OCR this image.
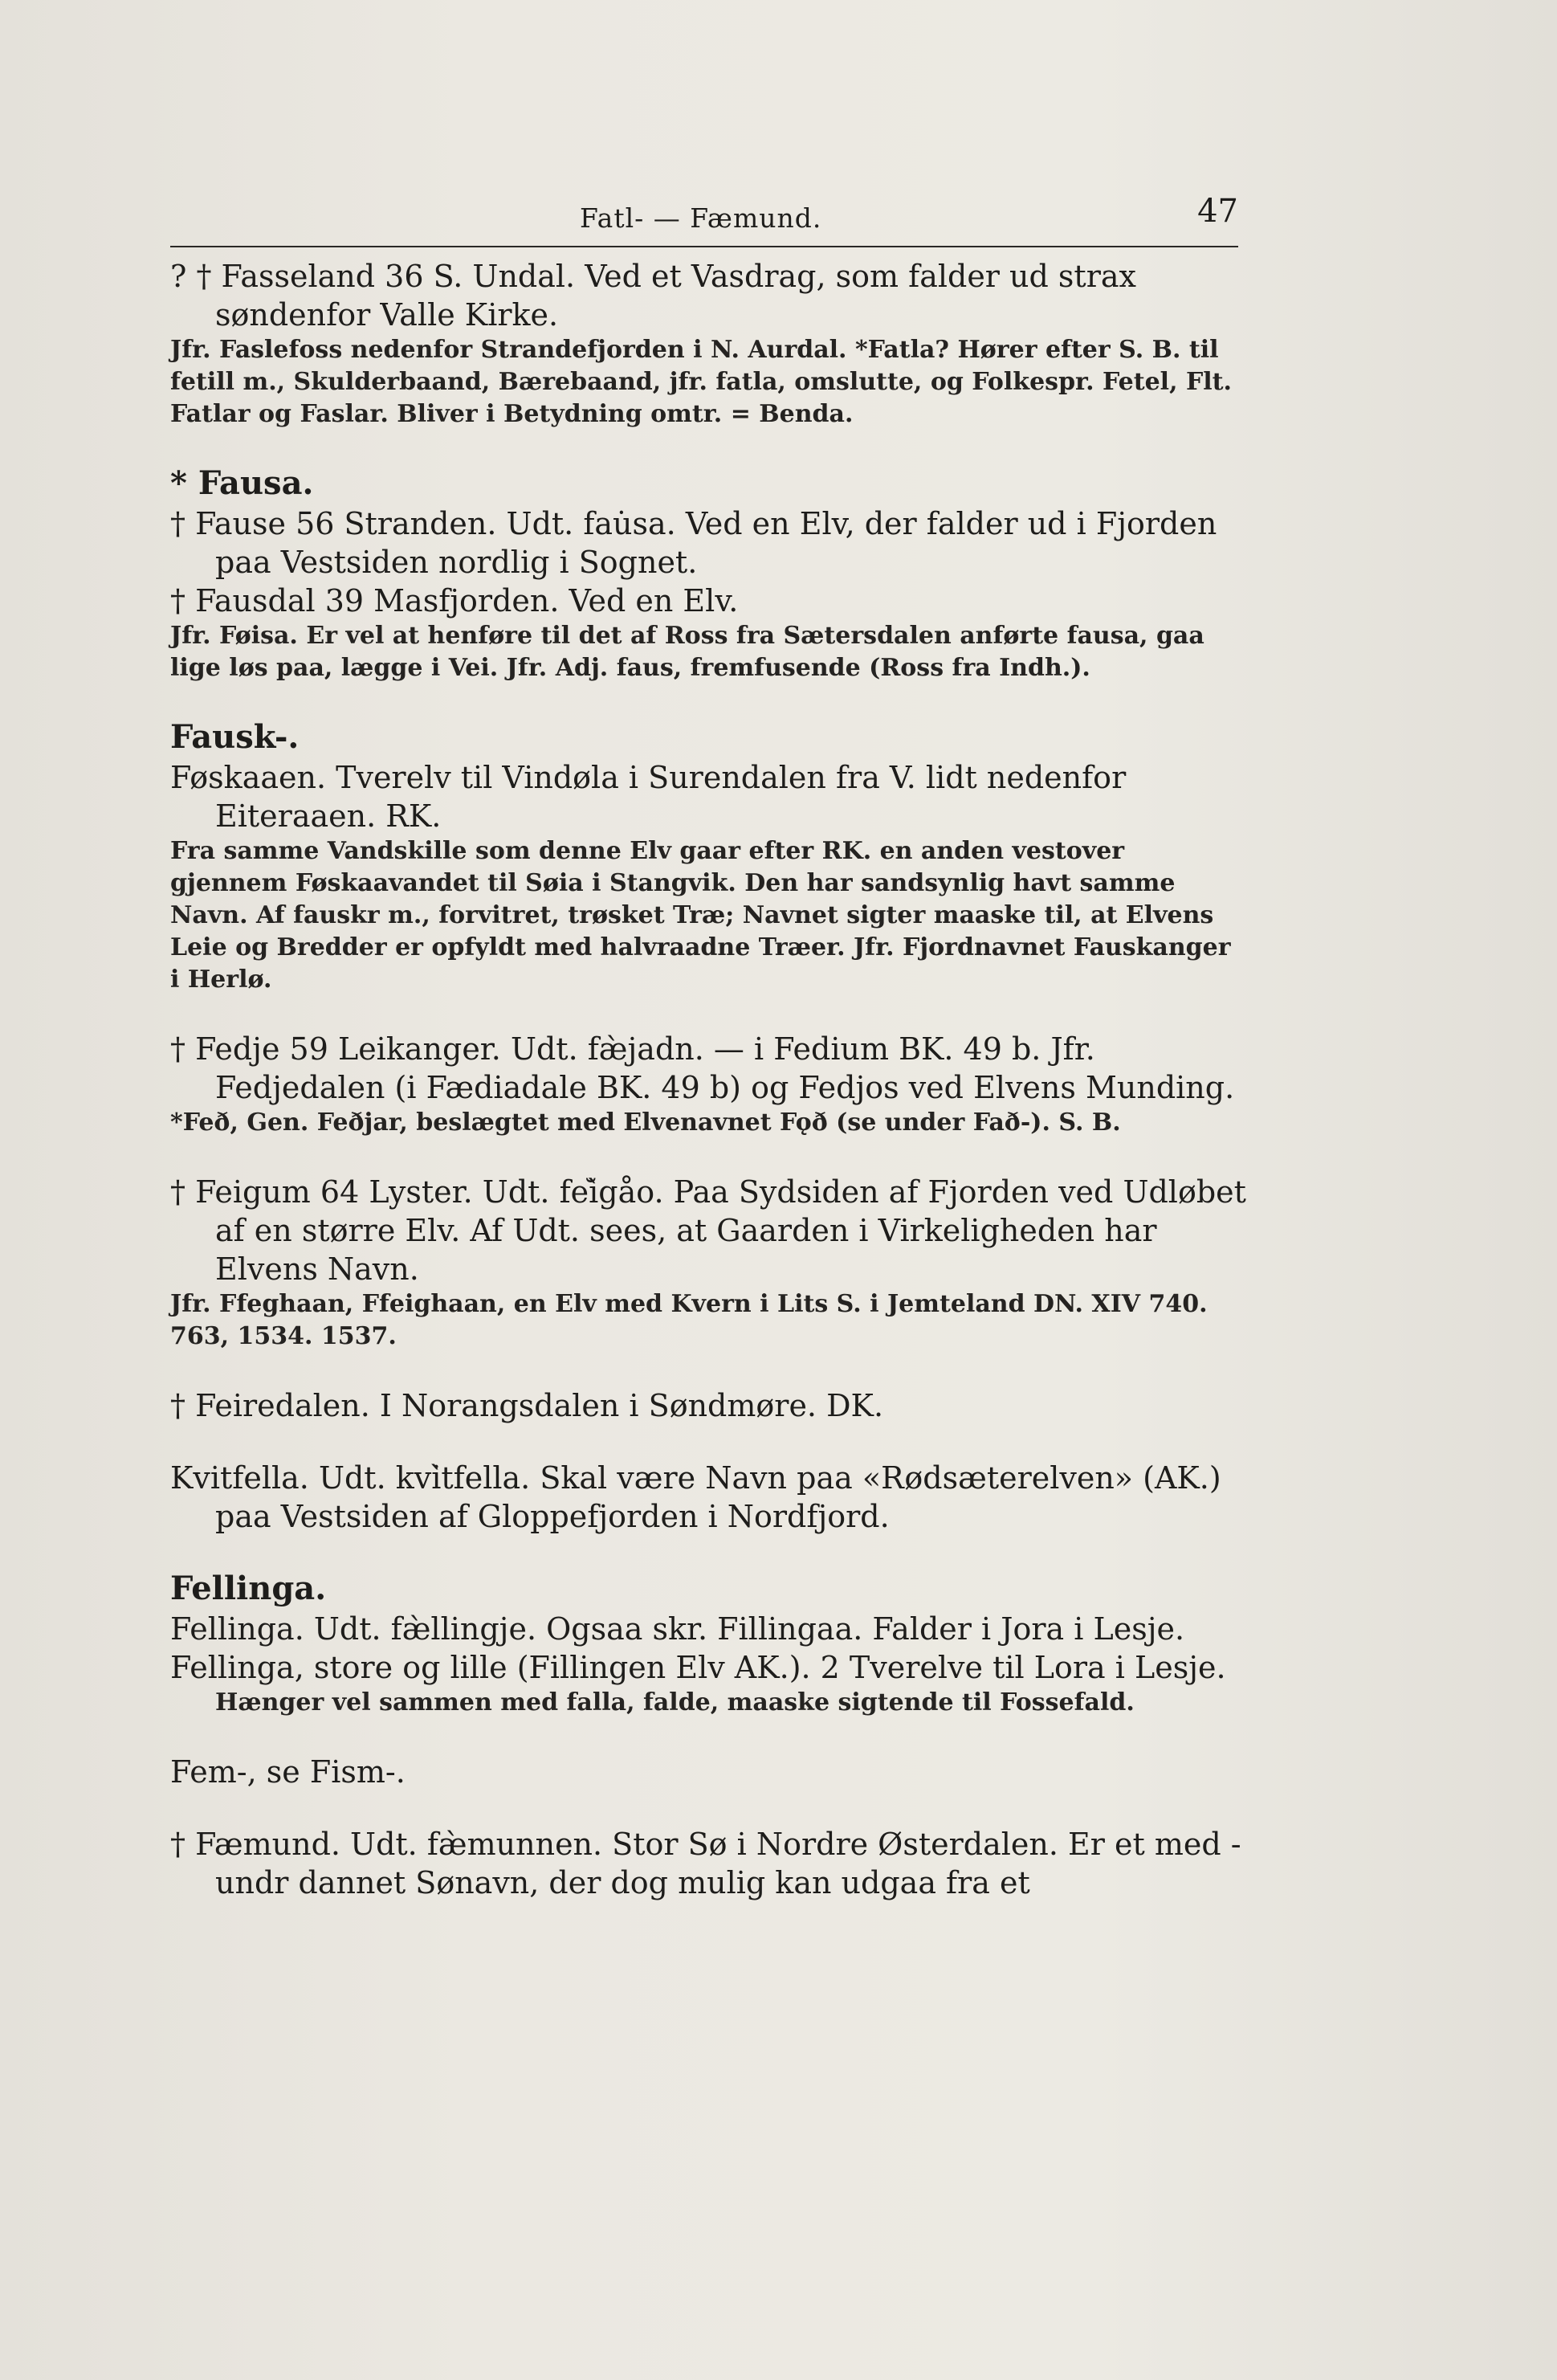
Fatl- — Fæmund.	47

? † Fasseland 36 S. Undal. Ved et Vasdrag, som falder ud strax søndenfor Valle Kirke.

Jfr. Faslefoss nedenfor Strandefjorden i N. Aurdal. *Fatla? Hører efter S. B. til fetill m., Skulderbaand, Bærebaand, jfr. fatla, omslutte, og Folkespr. Fetel, Flt. Fatlar og Faslar. Bliver i Betydning omtr. = Benda.

* Fausa.

† Fause 56 Stranden. Udt. fau̇sa. Ved en Elv, der falder ud i Fjorden paa Vestsiden nordlig i Sognet.

† Fausdal 39 Masfjorden. Ved en Elv.

Jfr. Føisa. Er vel at henføre til det af Ross fra Sætersdalen anførte fausa, gaa lige løs paa, lægge i Vei. Jfr. Adj. faus, fremfusende (Ross fra Indh.).

Fausk-.

Føskaaen. Tverelv til Vindøla i Surendalen fra V. lidt nedenfor Eiteraaen. RK.

Fra samme Vandskille som denne Elv gaar efter RK. en anden vestover gjennem Føskaavandet til Søia i Stangvik. Den har sandsynlig havt samme Navn. Af fauskr m., forvitret, trøsket Træ; Navnet sigter maaske til, at Elvens Leie og Bredder er opfyldt med halvraadne Træer. Jfr. Fjordnavnet Fauskanger i Herlø.

† Fedje 59 Leikanger. Udt. fæ̀jadn. — i Fedium BK. 49 b. Jfr. Fedjedalen (i Fædiadale BK. 49 b) og Fedjos ved Elvens Munding.

*Feð, Gen. Feðjar, beslægtet med Elvenavnet Fǫð (se under Fað-). S. B.

† Feigum 64 Lyster. Udt. feì̆gåo. Paa Sydsiden af Fjorden ved Udløbet af en større Elv. Af Udt. sees, at Gaarden i Virkeligheden har Elvens Navn.

Jfr. Ffeghaan, Ffeighaan, en Elv med Kvern i Lits S. i Jemteland DN. XIV 740. 763, 1534. 1537.

† Feiredalen. I Norangsdalen i Søndmøre. DK.

Kvitfella. Udt. kvi̇̀tfella. Skal være Navn paa «Rødsæterelven» (AK.) paa Vestsiden af Gloppefjorden i Nordfjord.

Fellinga.

Fellinga. Udt. fæ̀llingje. Ogsaa skr. Fillingaa. Falder i Jora i Lesje.

Fellinga, store og lille (Fillingen Elv AK.). 2 Tverelve til Lora i Lesje.

Hænger vel sammen med falla, falde, maaske sigtende til Fossefald.

Fem-, se Fism-.

† Fæmund. Udt. fæ̀munnen. Stor Sø i Nordre Østerdalen. Er et med -undr dannet Sønavn, der dog mulig kan udgaa fra et
